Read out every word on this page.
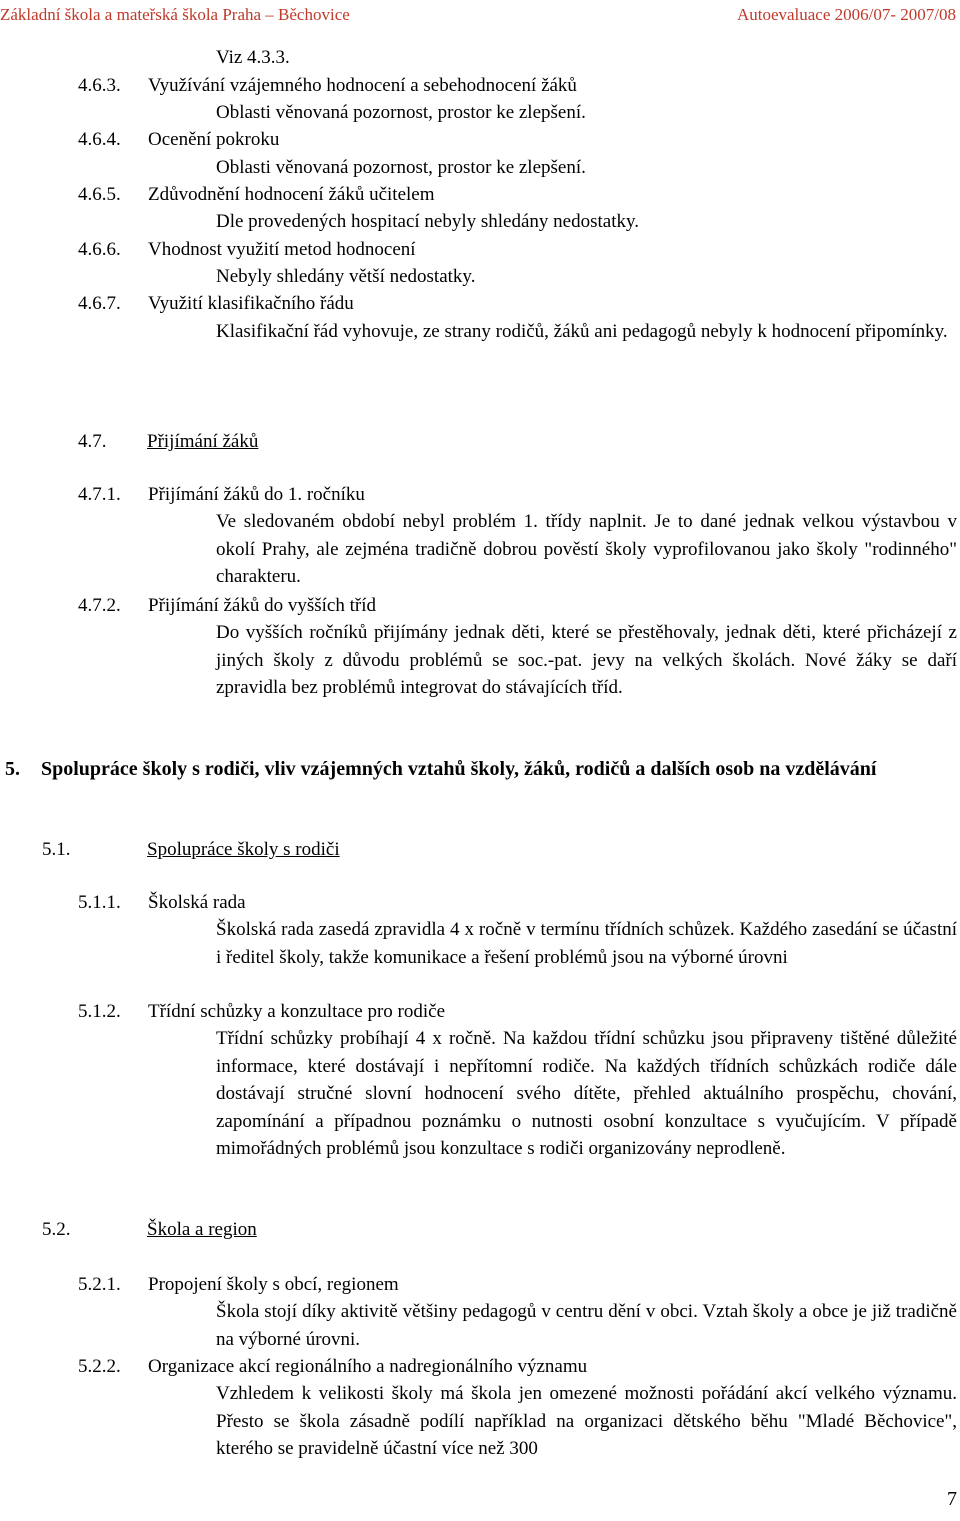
Základní škola a mateřská škola Praha – Běchovice	Autoevaluace 2006/07- 2007/08
Viz 4.3.3.
4.6.3. Využívání vzájemného hodnocení a sebehodnocení žáků
Oblasti věnovaná pozornost, prostor ke zlepšení.
4.6.4. Ocenění pokroku
Oblasti věnovaná pozornost, prostor ke zlepšení.
4.6.5. Zdůvodnění hodnocení žáků učitelem
Dle provedených hospitací nebyly shledány nedostatky.
4.6.6. Vhodnost využití metod hodnocení
Nebyly shledány větší nedostatky.
4.6.7. Využití klasifikačního řádu
Klasifikační řád vyhovuje, ze strany rodičů, žáků ani pedagogů nebyly k hodnocení připomínky.
4.7. Přijímání žáků
4.7.1. Přijímání žáků do 1. ročníku
Ve sledovaném období nebyl problém 1. třídy naplnit. Je to dané jednak velkou výstavbou v okolí Prahy, ale zejména tradičně dobrou pověstí školy vyprofilovanou jako školy "rodinného" charakteru.
4.7.2. Přijímání žáků do vyšších tříd
Do vyšších ročníků přijímány jednak děti, které se přestěhovaly, jednak děti, které přicházejí z jiných školy z důvodu problémů se soc.-pat. jevy na velkých školách. Nové žáky se daří zpravidla bez problémů integrovat do stávajících tříd.
5. Spolupráce školy s rodiči, vliv vzájemných vztahů školy, žáků, rodičů a dalších osob na vzdělávání
5.1.	Spolupráce školy s rodiči
5.1.1. Školská rada
Školská rada zasedá zpravidla 4 x ročně v termínu třídních schůzek. Každého zasedání se účastní i ředitel školy, takže komunikace a řešení problémů jsou na výborné úrovni
5.1.2. Třídní schůzky a konzultace pro rodiče
Třídní schůzky probíhají 4 x ročně. Na každou třídní schůzku jsou připraveny tištěné důležité informace, které dostávají i nepřítomní rodiče. Na každých třídních schůzkách rodiče dále dostávají stručné slovní hodnocení svého dítěte, přehled aktuálního prospěchu, chování, zapomínání a případnou poznámku o nutnosti osobní konzultace s vyučujícím. V případě mimořádných problémů jsou konzultace s rodiči organizovány neprodleně.
5.2.	Škola a region
5.2.1. Propojení školy s obcí, regionem
Škola stojí díky aktivitě většiny pedagogů v centru dění v obci. Vztah školy a obce je již tradičně na výborné úrovni.
5.2.2. Organizace akcí regionálního a nadregionálního významu
Vzhledem k velikosti školy má škola jen omezené možnosti pořádání akcí velkého významu. Přesto se škola zásadně podílí například na organizaci dětského běhu "Mladé Běchovice", kterého se pravidelně účastní více než 300
7
